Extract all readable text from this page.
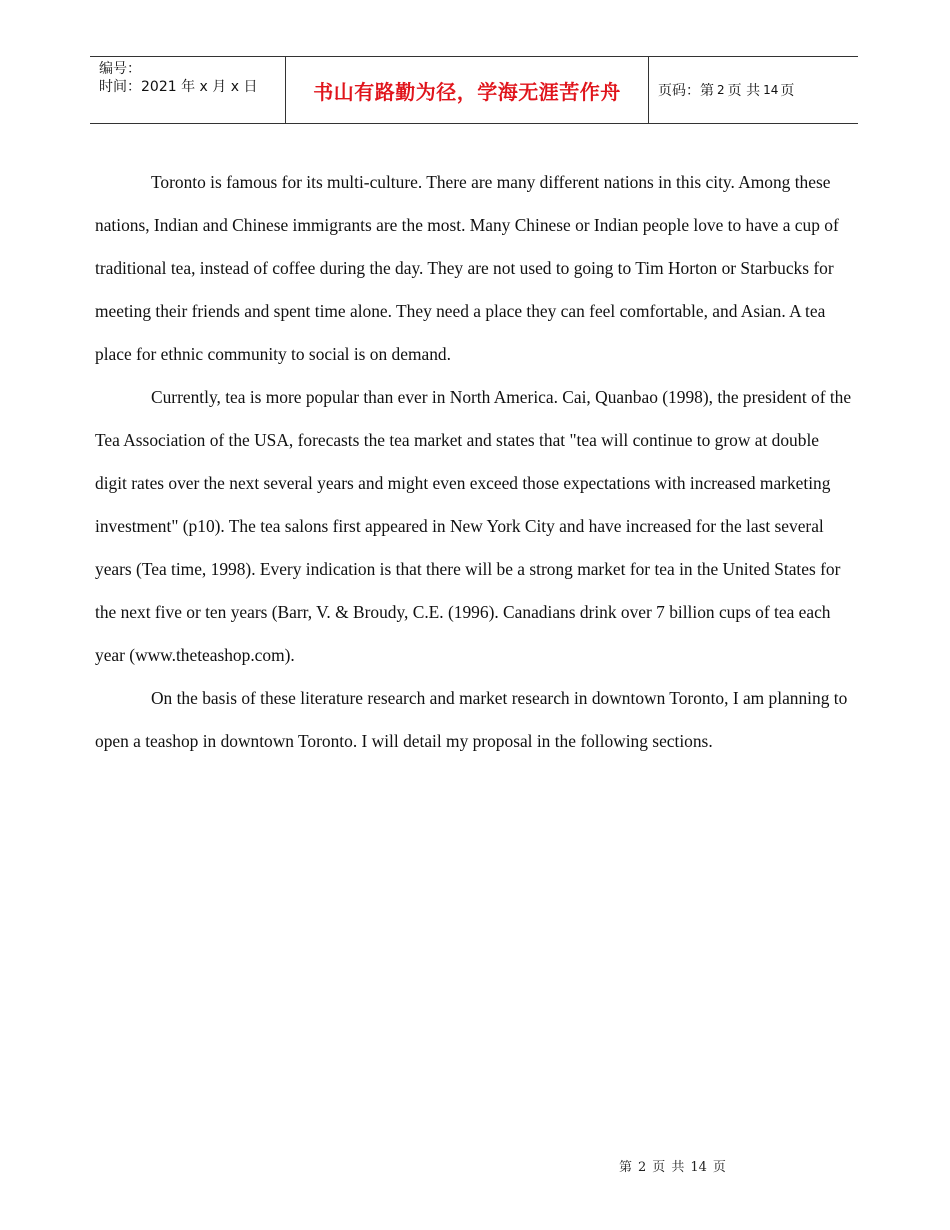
编号：
时间：2021 年 x 月 x 日	书山有路勤为径，学海无涯苦作舟	页码：第 2 页 共 14 页

Toronto is famous for its multi-culture. There are many different nations in this city. Among these nations, Indian and Chinese immigrants are the most. Many Chinese or Indian people love to have a cup of traditional tea, instead of coffee during the day. They are not used to going to Tim Horton or Starbucks for meeting their friends and spent time alone. They need a place they can feel comfortable, and Asian. A tea place for ethnic community to social is on demand.

Currently, tea is more popular than ever in North America. Cai, Quanbao (1998), the president of the Tea Association of the USA, forecasts the tea market and states that "tea will continue to grow at double digit rates over the next several years and might even exceed those expectations with increased marketing investment" (p10). The tea salons first appeared in New York City and have increased for the last several years (Tea time, 1998). Every indication is that there will be a strong market for tea in the United States for the next five or ten years (Barr, V. & Broudy, C.E. (1996). Canadians drink over 7 billion cups of tea each year (www.theteashop.com).

On the basis of these literature research and market research in downtown Toronto, I am planning to open a teashop in downtown Toronto. I will detail my proposal in the following sections.

第 2 页 共 14 页
